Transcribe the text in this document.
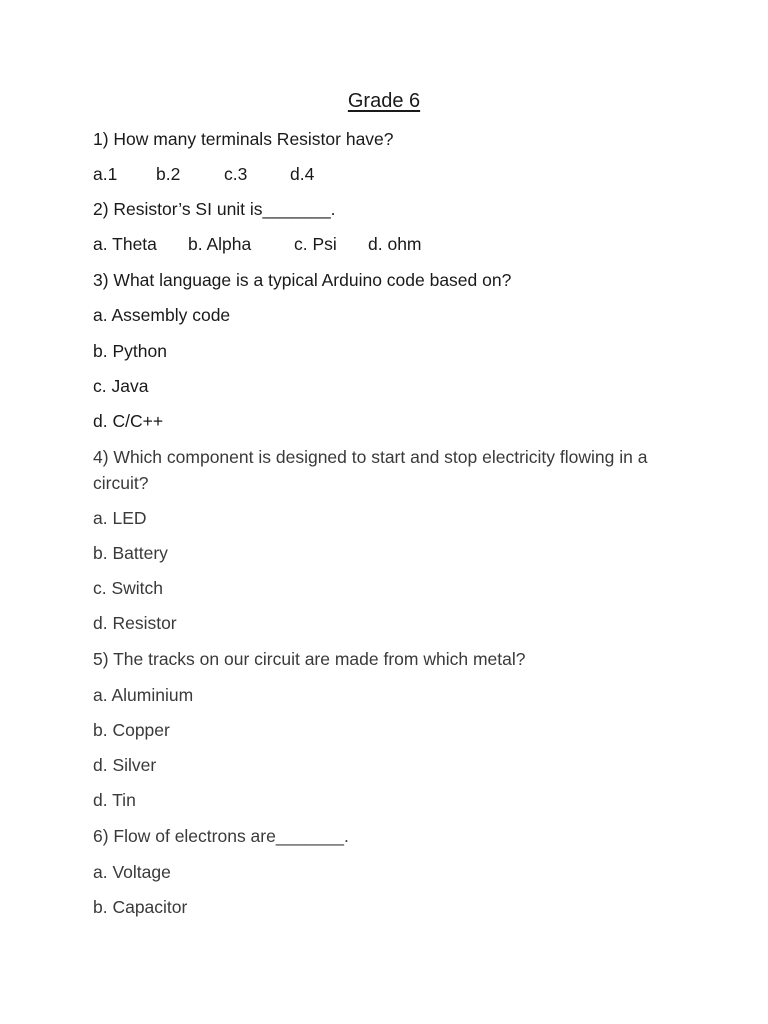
Grade 6
1) How many terminals Resistor have?
a.1 b.2 c.3 d.4
2) Resistor’s SI unit is_______.
a. Theta b. Alpha c. Psi d. ohm
3) What language is a typical Arduino code based on?
a. Assembly code
b. Python
c. Java
d. C/C++
4) Which component is designed to start and stop electricity flowing in a circuit?
a. LED
b. Battery
c. Switch
d. Resistor
5) The tracks on our circuit are made from which metal?
a. Aluminium
b. Copper
d. Silver
d. Tin
6) Flow of electrons are_______.
a. Voltage
b. Capacitor
